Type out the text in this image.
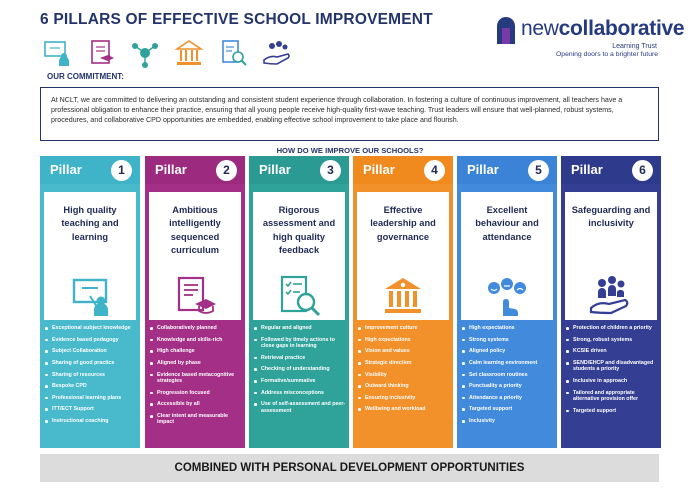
6 PILLARS OF EFFECTIVE SCHOOL IMPROVEMENT	newcollaborative
Learning Trust
Opening doors to a brighter future
OUR COMMITMENT:
At NCLT, we are committed to delivering an outstanding and consistent student experience through collaboration. In fostering a culture of continuous improvement, all teachers have a professional obligation to enhance their practice, ensuring that all young people receive high-quality first-wave teaching. Trust leaders will ensure that well-planned, robust systems, procedures, and collaborative CPD opportunities are embedded, enabling effective school improvement to take place and flourish.
HOW DO WE IMPROVE OUR SCHOOLS?
Pillar	1
High quality teaching and learning
Exceptional subject knowledge
Evidence based pedagogy
Subject Collaboration
Sharing of good practice
Sharing of resources
Bespoke CPD
Professional learning plans
ITT/ECT Support
Instructional coaching
Pillar	2
Ambitious intelligently sequenced curriculum
Collaboratively planned
Knowledge and skills-rich
High challenge
Aligned by phase
Evidence based metacognitive strategies
Progression focused
Accessible by all
Clear intent and measurable impact
Pillar	3
Rigorous assessment and high quality feedback
Regular and aligned
Followed by timely actions to close gaps in learning
Retrieval practice
Checking of understanding
Formative/summative
Address misconceptions
Use of self-assessment and peer-assessment
Pillar	4
Effective leadership and governance
Improvement culture
High expectations
Vision and values
Strategic direction
Visibility
Outward thinking
Ensuring inclusivity
Wellbeing and workload
Pillar	5
Excellent behaviour and attendance
High expectations
Strong systems
Aligned policy
Calm learning environment
Set classroom routines
Punctuality a priority
Attendance a priority
Targeted support
Inclusivity
Pillar	6
Safeguarding and inclusivity
Protection of children a priority
Strong, robust systems
KCSIE driven
SEND/EHCP and disadvantaged students a priority
Inclusive in approach
Tailored and appropriate alternative provision offer
Targeted support
COMBINED WITH PERSONAL DEVELOPMENT OPPORTUNITIES
